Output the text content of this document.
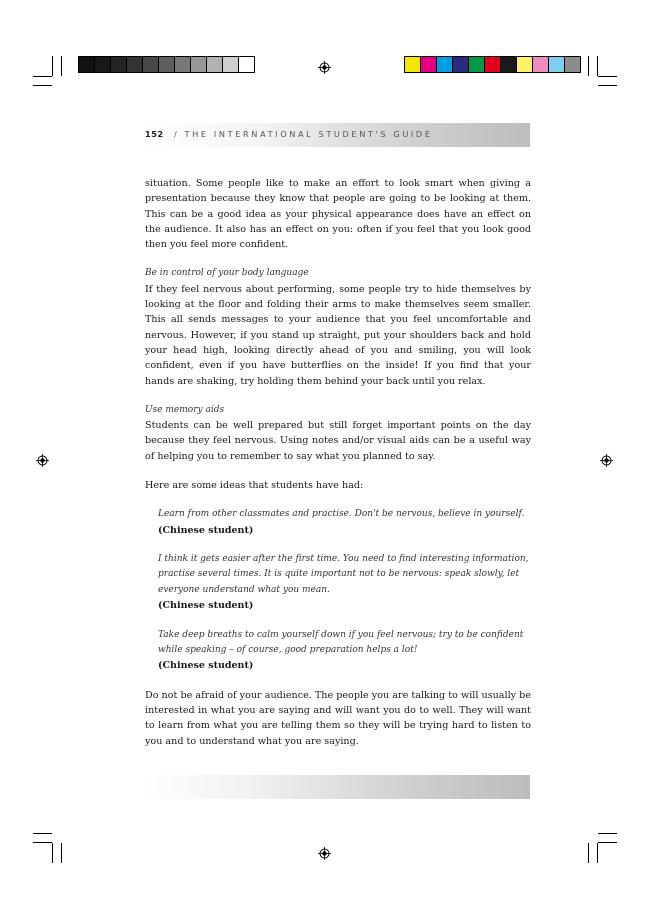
152 / THE INTERNATIONAL STUDENT'S GUIDE

situation. Some people like to make an effort to look smart when giving a presentation because they know that people are going to be looking at them. This can be a good idea as your physical appearance does have an effect on the audience. It also has an effect on you: often if you feel that you look good then you feel more confident.

Be in control of your body language

If they feel nervous about performing, some people try to hide themselves by looking at the floor and folding their arms to make themselves seem smaller. This all sends messages to your audience that you feel uncomfortable and nervous. However, if you stand up straight, put your shoulders back and hold your head high, looking directly ahead of you and smiling, you will look confident, even if you have butterflies on the inside! If you find that your hands are shaking, try holding them behind your back until you relax.

Use memory aids

Students can be well prepared but still forget important points on the day because they feel nervous. Using notes and/or visual aids can be a useful way of helping you to remember to say what you planned to say.

Here are some ideas that students have had:

Learn from other classmates and practise. Don't be nervous, believe in yourself.
(Chinese student)
I think it gets easier after the first time. You need to find interesting information, practise several times. It is quite important not to be nervous: speak slowly, let everyone understand what you mean.
(Chinese student)
Take deep breaths to calm yourself down if you feel nervous; try to be confident while speaking – of course, good preparation helps a lot!
(Chinese student)

Do not be afraid of your audience. The people you are talking to will usually be interested in what you are saying and will want you do to well. They will want to learn from what you are telling them so they will be trying hard to listen to you and to understand what you are saying.
